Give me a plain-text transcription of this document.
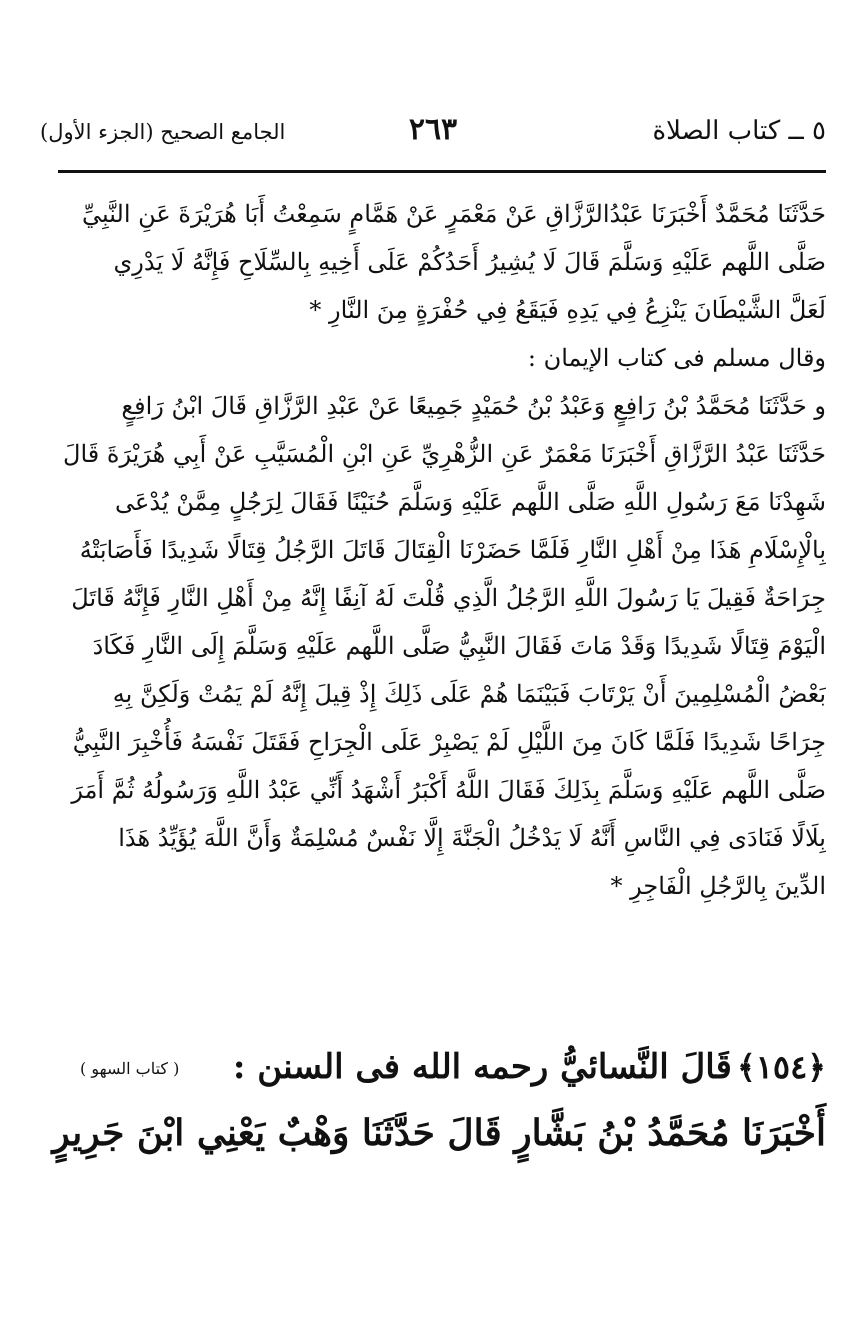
٥ ــ كتاب الصلاة
٢٦٣
الجامع الصحيح (الجزء الأول)
حَدَّثَنَا مُحَمَّدٌ أَخْبَرَنَا عَبْدُالرَّزَّاقِ عَنْ مَعْمَرٍ عَنْ هَمَّامٍ سَمِعْتُ أَبَا هُرَيْرَةَ عَنِ النَّبِيِّ
صَلَّى اللَّهم عَلَيْهِ وَسَلَّمَ قَالَ لَا يُشِيرُ أَحَدُكُمْ عَلَى أَخِيهِ بِالسِّلَاحِ فَإِنَّهُ لَا يَدْرِي
لَعَلَّ الشَّيْطَانَ يَنْزِعُ فِي يَدِهِ فَيَقَعُ فِي حُفْرَةٍ مِنَ النَّارِ *
وقال مسلم فى كتاب الإيمان :
و حَدَّثَنَا مُحَمَّدُ بْنُ رَافِعٍ وَعَبْدُ بْنُ حُمَيْدٍ جَمِيعًا عَنْ عَبْدِ الرَّزَّاقِ قَالَ ابْنُ رَافِعٍ
حَدَّثَنَا عَبْدُ الرَّزَّاقِ أَخْبَرَنَا مَعْمَرٌ عَنِ الزُّهْرِيِّ عَنِ ابْنِ الْمُسَيَّبِ عَنْ أَبِي هُرَيْرَةَ قَالَ
شَهِدْنَا مَعَ رَسُولِ اللَّهِ صَلَّى اللَّهم عَلَيْهِ وَسَلَّمَ حُنَيْنًا فَقَالَ لِرَجُلٍ مِمَّنْ يُدْعَى
بِالْإِسْلَامِ هَذَا مِنْ أَهْلِ النَّارِ فَلَمَّا حَضَرْنَا الْقِتَالَ قَاتَلَ الرَّجُلُ قِتَالًا شَدِيدًا فَأَصَابَتْهُ
جِرَاحَةٌ فَقِيلَ يَا رَسُولَ اللَّهِ الرَّجُلُ الَّذِي قُلْتَ لَهُ آنِفًا إِنَّهُ مِنْ أَهْلِ النَّارِ فَإِنَّهُ قَاتَلَ
الْيَوْمَ قِتَالًا شَدِيدًا وَقَدْ مَاتَ فَقَالَ النَّبِيُّ صَلَّى اللَّهم عَلَيْهِ وَسَلَّمَ إِلَى النَّارِ فَكَادَ
بَعْضُ الْمُسْلِمِينَ أَنْ يَرْتَابَ فَبَيْنَمَا هُمْ عَلَى ذَلِكَ إِذْ قِيلَ إِنَّهُ لَمْ يَمُتْ وَلَكِنَّ بِهِ
جِرَاحًا شَدِيدًا فَلَمَّا كَانَ مِنَ اللَّيْلِ لَمْ يَصْبِرْ عَلَى الْجِرَاحِ فَقَتَلَ نَفْسَهُ فَأُخْبِرَ النَّبِيُّ
صَلَّى اللَّهم عَلَيْهِ وَسَلَّمَ بِذَلِكَ فَقَالَ اللَّهُ أَكْبَرُ أَشْهَدُ أَنِّي عَبْدُ اللَّهِ وَرَسُولُهُ ثُمَّ أَمَرَ
بِلَالًا فَنَادَى فِي النَّاسِ أَنَّهُ لَا يَدْخُلُ الْجَنَّةَ إِلَّا نَفْسٌ مُسْلِمَةٌ وَأَنَّ اللَّهَ يُؤَيِّدُ هَذَا
الدِّينَ بِالرَّجُلِ الْفَاجِرِ *
﴿١٥٤﴾ قَالَ النَّسائيُّ رحمه الله فى السنن :
( كتاب السهو )
أَخْبَرَنَا مُحَمَّدُ بْنُ بَشَّارٍ قَالَ حَدَّثَنَا وَهْبٌ يَعْنِي ابْنَ جَرِيرٍ
